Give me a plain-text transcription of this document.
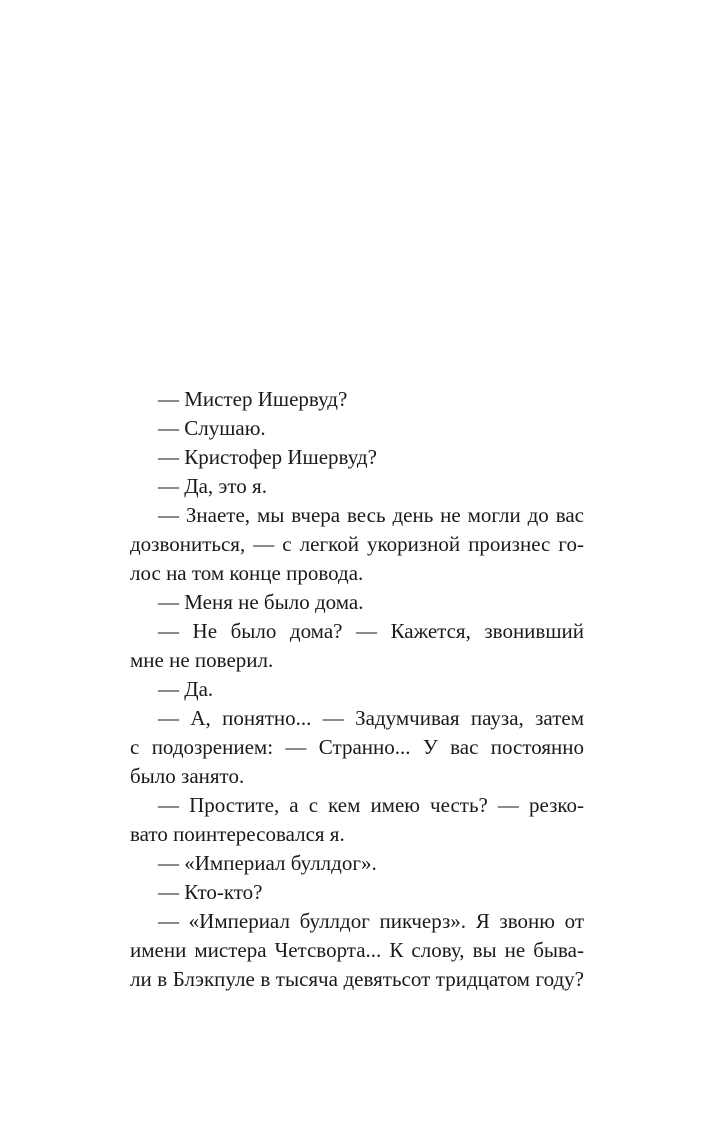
— Мистер Ишервуд?
— Слушаю.
— Кристофер Ишервуд?
— Да, это я.
— Знаете, мы вчера весь день не могли до вас
дозвониться, — с легкой укоризной произнес го-
лос на том конце провода.
— Меня не было дома.
— Не было дома? — Кажется, звонивший
мне не поверил.
— Да.
— А, понятно... — Задумчивая пауза, затем
с подозрением: — Странно... У вас постоянно
было занято.
— Простите, а с кем имею честь? — резко-
вато поинтересовался я.
— «Империал буллдог».
— Кто-кто?
— «Империал буллдог пикчерз». Я звоню от
имени мистера Четсворта... К слову, вы не быва-
ли в Блэкпуле в тысяча девятьсот тридцатом году?
